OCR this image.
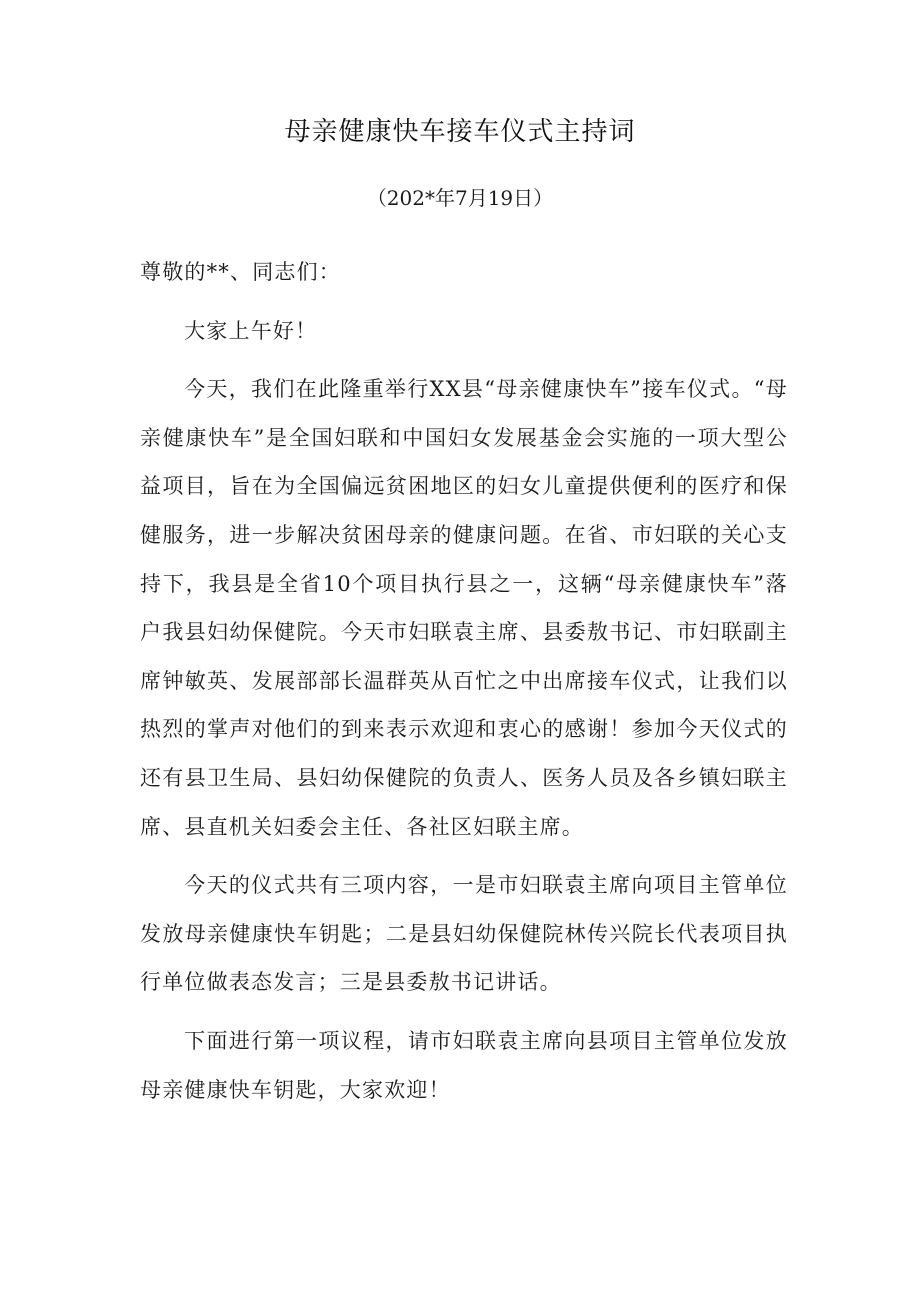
母亲健康快车接车仪式主持词
（202*年7月19日）

尊敬的**、同志们：

大家上午好！

今天，我们在此隆重举行XX县“母亲健康快车”接车仪式。“母亲健康快车”是全国妇联和中国妇女发展基金会实施的一项大型公益项目，旨在为全国偏远贫困地区的妇女儿童提供便利的医疗和保健服务，进一步解决贫困母亲的健康问题。在省、市妇联的关心支持下，我县是全省10个项目执行县之一，这辆“母亲健康快车”落户我县妇幼保健院。今天市妇联袁主席、县委敖书记、市妇联副主席钟敏英、发展部部长温群英从百忙之中出席接车仪式，让我们以热烈的掌声对他们的到来表示欢迎和衷心的感谢！参加今天仪式的还有县卫生局、县妇幼保健院的负责人、医务人员及各乡镇妇联主席、县直机关妇委会主任、各社区妇联主席。

今天的仪式共有三项内容，一是市妇联袁主席向项目主管单位发放母亲健康快车钥匙；二是县妇幼保健院林传兴院长代表项目执行单位做表态发言；三是县委敖书记讲话。

下面进行第一项议程，请市妇联袁主席向县项目主管单位发放母亲健康快车钥匙，大家欢迎！
